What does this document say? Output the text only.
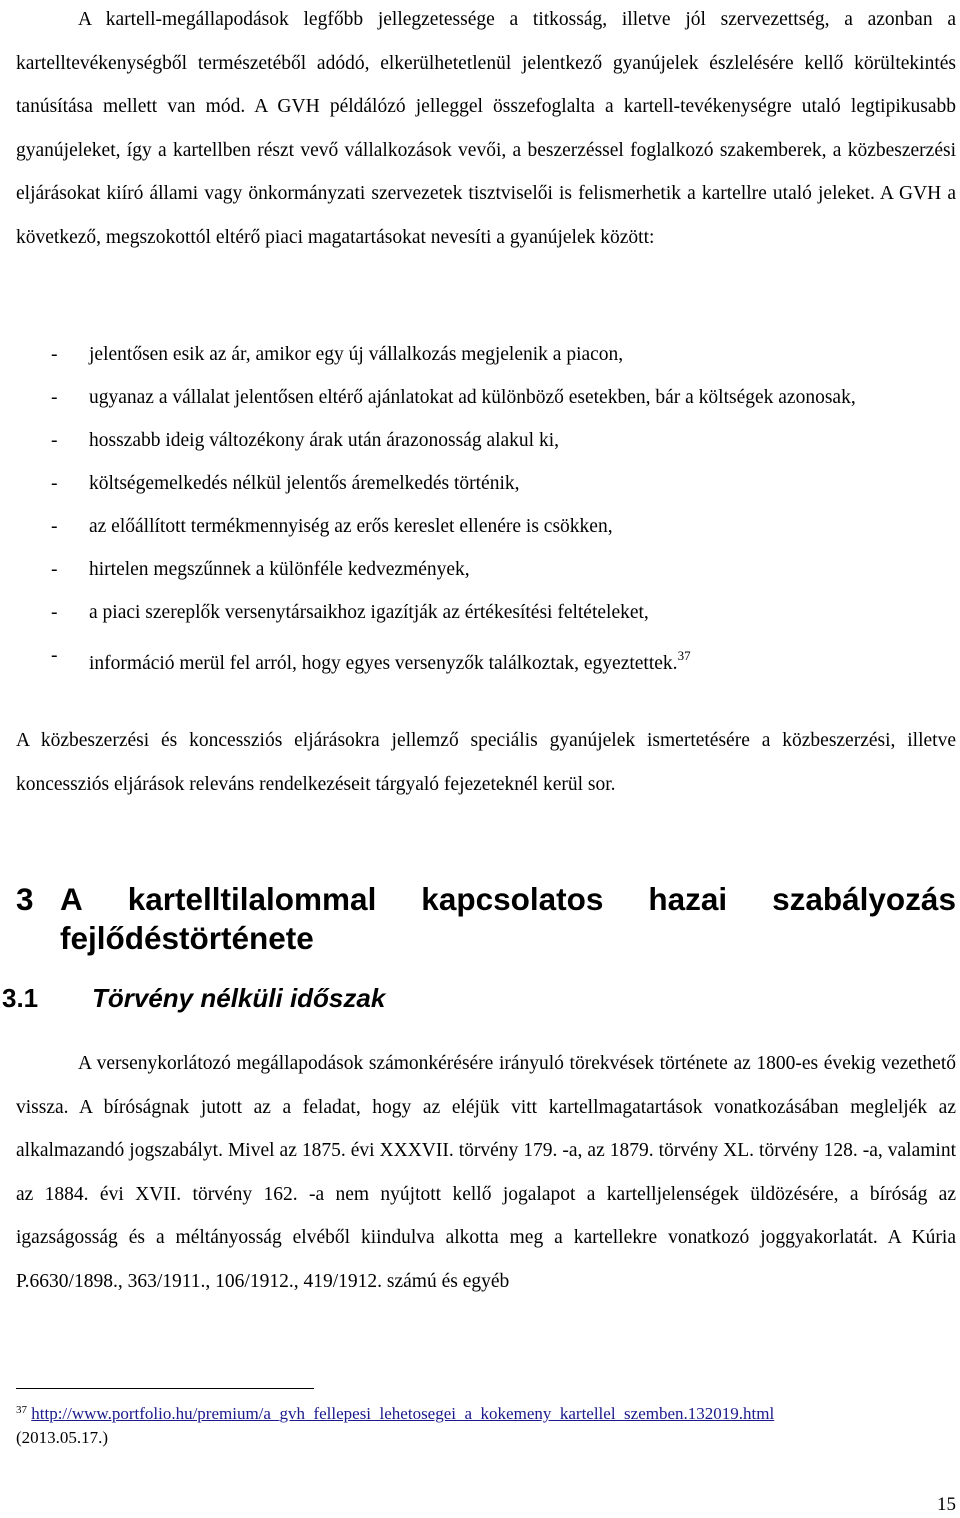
A kartell-megállapodások legfőbb jellegzetessége a titkosság, illetve jól szervezettség, a azonban a kartelltevékenységből természetéből adódó, elkerülhetetlenül jelentkező gyanújelek észlelésére kellő körültekintés tanúsítása mellett van mód. A GVH példálózó jelleggel összefoglalta a kartell-tevékenységre utaló legtipikusabb gyanújeleket, így a kartellben részt vevő vállalkozások vevői, a beszerzéssel foglalkozó szakemberek, a közbeszerzési eljárásokat kiíró állami vagy önkormányzati szervezetek tisztviselői is felismerhetik a kartellre utaló jeleket. A GVH a következő, megszokottól eltérő piaci magatartásokat nevesíti a gyanújelek között:

- jelentősen esik az ár, amikor egy új vállalkozás megjelenik a piacon,
- ugyanaz a vállalat jelentősen eltérő ajánlatokat ad különböző esetekben, bár a költségek azonosak,
- hosszabb ideig változékony árak után árazonosság alakul ki,
- költségemelkedés nélkül jelentős áremelkedés történik,
- az előállított termékmennyiség az erős kereslet ellenére is csökken,
- hirtelen megszűnnek a különféle kedvezmények,
- a piaci szereplők versenytársaikhoz igazítják az értékesítési feltételeket,
- információ merül fel arról, hogy egyes versenyzők találkoztak, egyeztettek.$^{37}$

A közbeszerzési és koncessziós eljárásokra jellemző speciális gyanújelek ismertetésére a közbeszerzési, illetve koncessziós eljárások releváns rendelkezéseit tárgyaló fejezeteknél kerül sor.

3 A kartelltilalommal kapcsolatos hazai szabályozás
fejlődéstörténete
3.1 Törvény nélküli időszak

A versenykorlátozó megállapodások számonkérésére irányuló törekvések története az 1800-es évekig vezethető vissza. A bíróságnak jutott az a feladat, hogy az eléjük vitt kartellmagatartások vonatkozásában megleljék az alkalmazandó jogszabályt. Mivel az 1875. évi XXXVII. törvény 179. -a, az 1879. törvény XL. törvény 128. -a, valamint az 1884. évi XVII. törvény 162. -a nem nyújtott kellő jogalapot a kartelljelenségek üldözésére, a bíróság az igazságosság és a méltányosság elvéből kiindulva alkotta meg a kartellekre vonatkozó joggyakorlatát. A Kúria P.6630/1898., 363/1911., 106/1912., 419/1912. számú és egyéb

$^{37}$ http://www.portfolio.hu/premium/a_gvh_fellepesi_lehetosegei_a_kokemeny_kartellel_szemben.132019.html
(2013.05.17.)
15
